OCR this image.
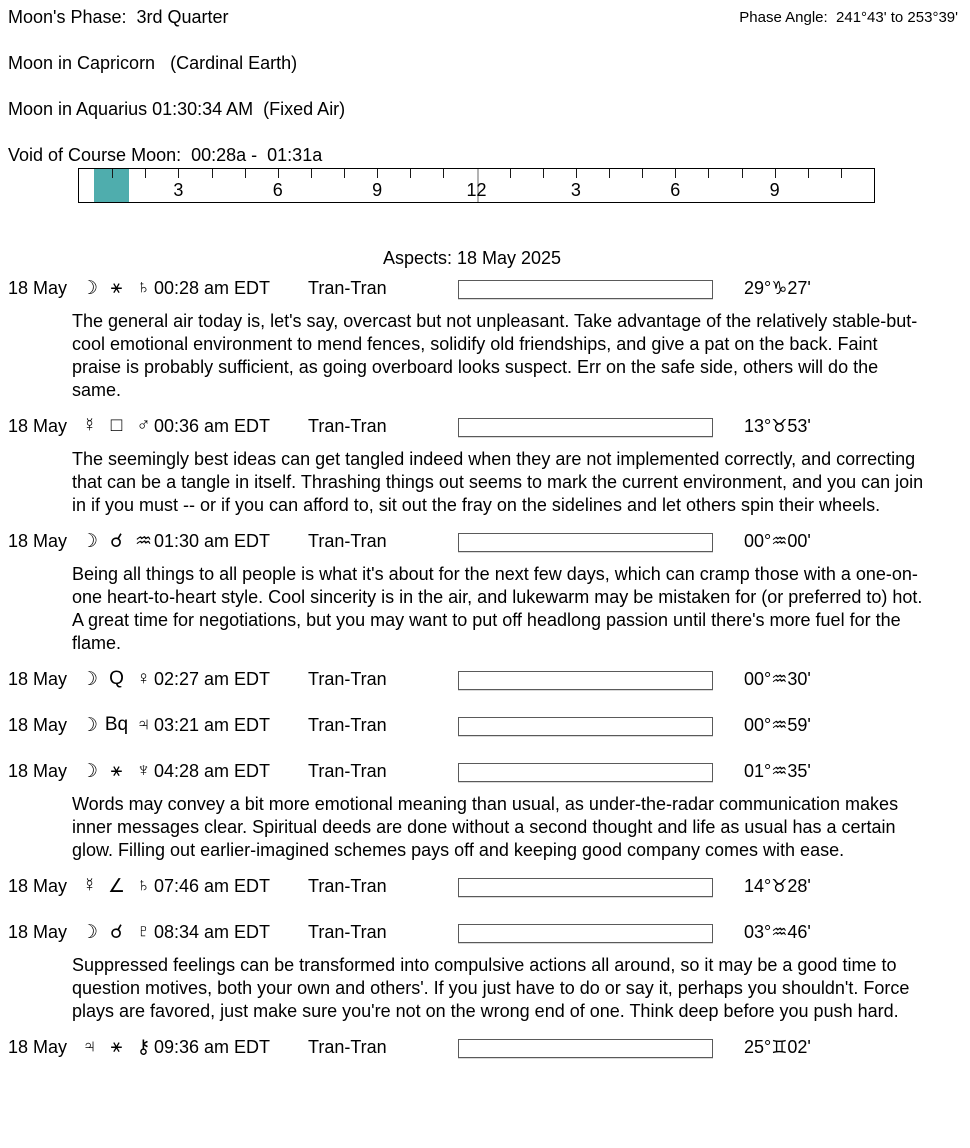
Moon's Phase:  3rd Quarter	Phase Angle:  241°43' to 253°39'
Moon in Capricorn   (Cardinal Earth)
Moon in Aquarius 01:30:34 AM  (Fixed Air)
Void of Course Moon:  00:28a -  01:31a
3	6	9	12	3	6	9
Aspects: 18 May 2025
18 May ☽ ⚹ ♄ 00:28 am EDT Tran-Tran	29°♑27'
The general air today is, let's say, overcast but not unpleasant. Take advantage of the relatively stable-but-cool emotional environment to mend fences, solidify old friendships, and give a pat on the back. Faint praise is probably sufficient, as going overboard looks suspect. Err on the safe side, others will do the same.
18 May ☿ □ ♂ 00:36 am EDT Tran-Tran	13°♉53'
The seemingly best ideas can get tangled indeed when they are not implemented correctly, and correcting that can be a tangle in itself. Thrashing things out seems to mark the current environment, and you can join in if you must -- or if you can afford to, sit out the fray on the sidelines and let others spin their wheels.
18 May ☽ ☌ ♒ 01:30 am EDT Tran-Tran	00°♒00'
Being all things to all people is what it's about for the next few days, which can cramp those with a one-on-one heart-to-heart style. Cool sincerity is in the air, and lukewarm may be mistaken for (or preferred to) hot. A great time for negotiations, but you may want to put off headlong passion until there's more fuel for the flame.
18 May ☽ Q ♀ 02:27 am EDT Tran-Tran	00°♒30'
18 May ☽ Bq ♃ 03:21 am EDT Tran-Tran	00°♒59'
18 May ☽ ⚹ ♆ 04:28 am EDT Tran-Tran	01°♒35'
Words may convey a bit more emotional meaning than usual, as under-the-radar communication makes inner messages clear. Spiritual deeds are done without a second thought and life as usual has a certain glow. Filling out earlier-imagined schemes pays off and keeping good company comes with ease.
18 May ☿ ∠ ♄ 07:46 am EDT Tran-Tran	14°♉28'
18 May ☽ ☌ ♇ 08:34 am EDT Tran-Tran	03°♒46'
Suppressed feelings can be transformed into compulsive actions all around, so it may be a good time to question motives, both your own and others'. If you just have to do or say it, perhaps you shouldn't. Force plays are favored, just make sure you're not on the wrong end of one. Think deep before you push hard.
18 May ♃ ⚹ ⚷ 09:36 am EDT Tran-Tran	25°♊02'
